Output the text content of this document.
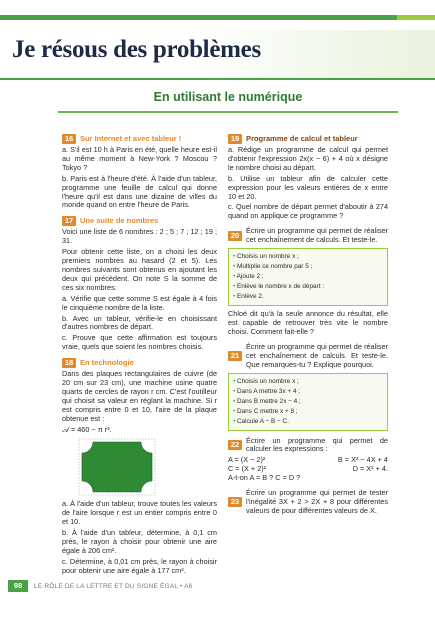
Je résous des problèmes
En utilisant le numérique
16 Sur Internet et avec tableur !
a. S'il est 10 h à Paris en été, quelle heure est-il au même moment à New-York ? Moscou ? Tokyo ?
b. Paris est à l'heure d'été. À l'aide d'un tableur, programme une feuille de calcul qui donne l'heure qu'il est dans une dizaine de villes du monde quand on entre l'heure de Paris.
17 Une suite de nombres
Voici une liste de 6 nombres : 2 ; 5 ; 7 ; 12 ; 19 ; 31.
Pour obtenir cette liste, on a choisi les deux premiers nombres au hasard (2 et 5). Les nombres suivants sont obtenus en ajoutant les deux qui précèdent. On note S la somme de ces six nombres.
a. Vérifie que cette somme S est égale à 4 fois le cinquième nombre de la liste.
b. Avec un tableur, vérifie-le en choisissant d'autres nombres de départ.
c. Prouve que cette affirmation est toujours vraie, quels que soient les nombres choisis.
18 En technologie
Dans des plaques rectangulaires de cuivre (de 20 cm sur 23 cm), une machine usine quatre quarts de cercles de rayon r cm. C'est l'outilleur qui choisit sa valeur en réglant la machine. Si r est compris entre 0 et 10, l'aire de la plaque obtenue est :
𝒜 = 460 − π r².
a. À l'aide d'un tableur, trouve toutes les valeurs de l'aire lorsque r est un entier compris entre 0 et 10.
b. À l'aide d'un tableur, détermine, à 0,1 cm près, le rayon à choisir pour obtenir une aire égale à 206 cm².
c. Détermine, à 0,01 cm près, le rayon à choisir pour obtenir une aire égale à 177 cm².
19 Programme de calcul et tableur
a. Rédige un programme de calcul qui permet d'obtenir l'expression 2x(x − 6) + 4 où x désigne le nombre choisi au départ.
b. Utilise un tableur afin de calculer cette expression pour les valeurs entières de x entre 10 et 20.
c. Quel nombre de départ permet d'aboutir à 274 quand on applique ce programme ?
20
Écrire un programme qui permet de réaliser cet enchaînement de calculs. Et teste-le.
• Choisis un nombre x ;
• Multiplie ce nombre par 5 ;
• Ajoute 2 ;
• Enlève le nombre x de départ :
• Enlève 2.
Chloé dit qu'à la seule annonce du résultat, elle est capable de retrouver très vite le nombre choisi. Comment fait-elle ?
21
Écrire un programme qui permet de réaliser cet enchaînement de calculs. Et teste-le. Que remarques-tu ? Explique pourquoi.
• Choisis un nombre x ;
• Dans A mettre 3x + 4 ;
• Dans B mettre 2x − 4 ;
• Dans C mettre x + 8 ;
• Calcule A − B − C.
22
Écrire un programme qui permet de calculer les expressions :
A = (X − 2)²	B = X² − 4X + 4
C = (X + 2)²	D = X² + 4.
A-t-on A = B ? C = D ?
23
Écrire un programme qui permet de tester l'inégalité 3X + 2 > 2X + 8 pour différentes valeurs de pour différentes valeurs de X.
98	LE RÔLE DE LA LETTRE ET DU SIGNE ÉGAL • A6
